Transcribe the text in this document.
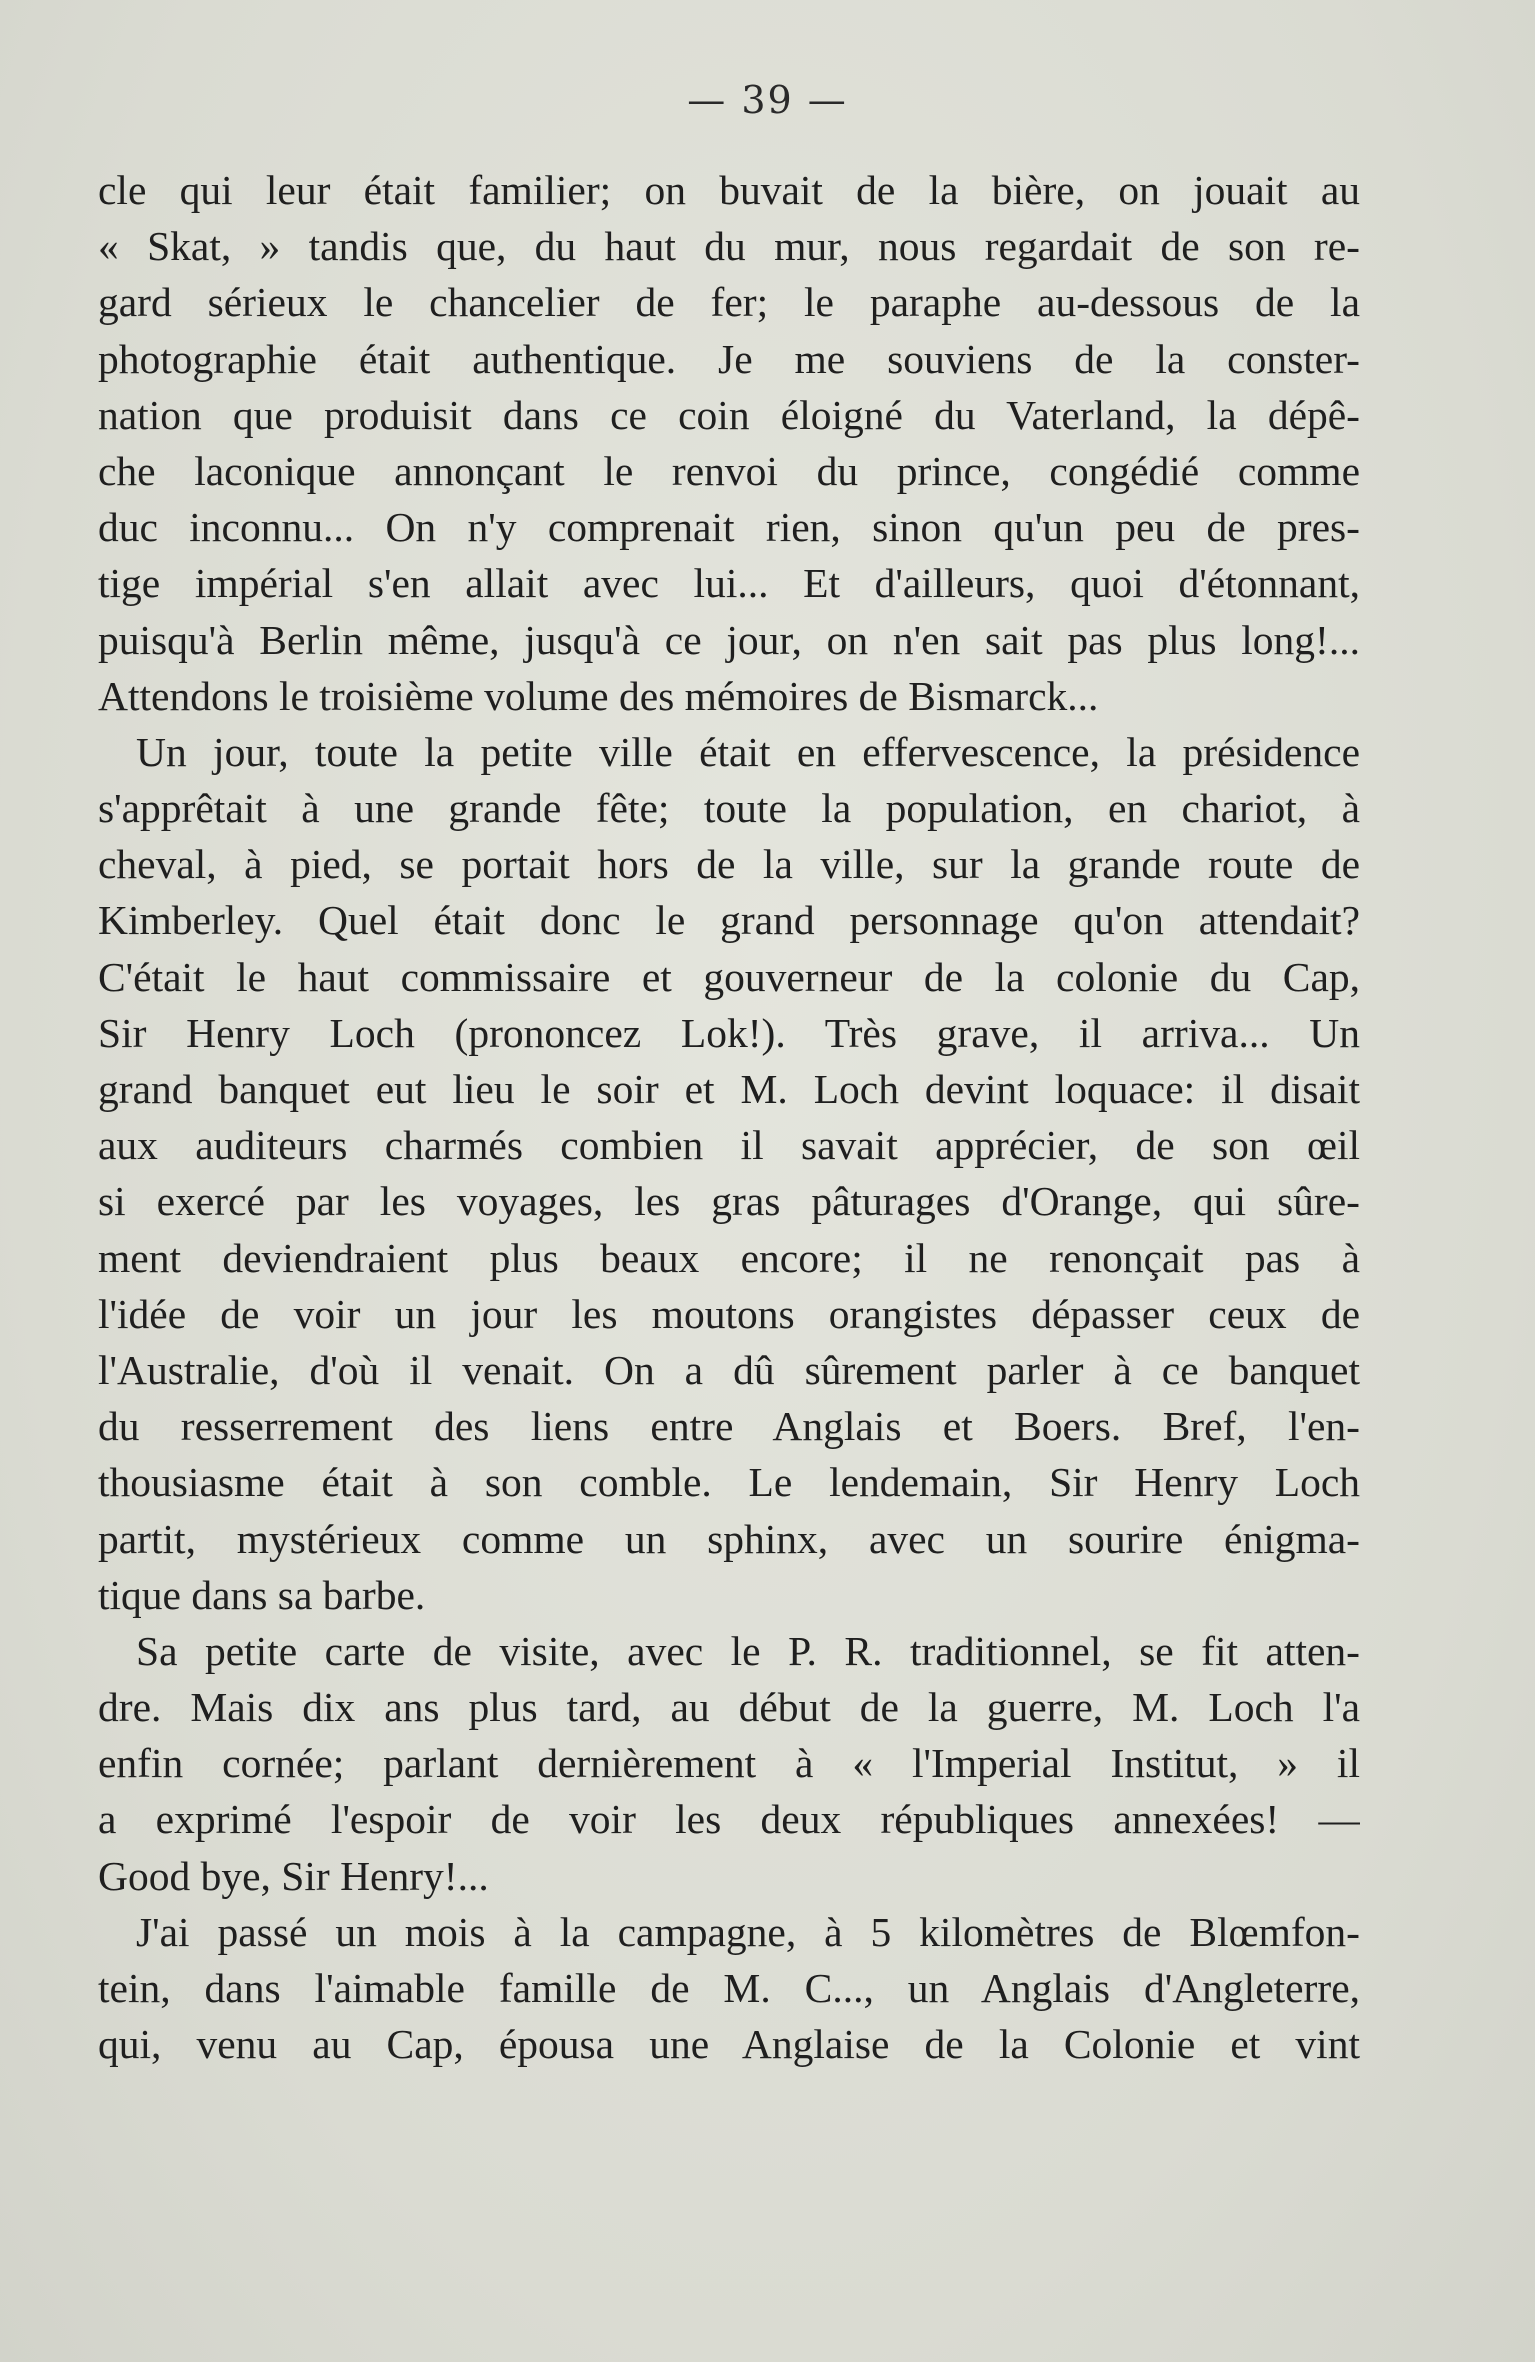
— 39 —
cle qui leur était familier; on buvait de la bière, on jouait au
« Skat, » tandis que, du haut du mur, nous regardait de son re-
gard sérieux le chancelier de fer; le paraphe au-dessous de la
photographie était authentique. Je me souviens de la conster-
nation que produisit dans ce coin éloigné du Vaterland, la dépê-
che laconique annonçant le renvoi du prince, congédié comme
duc inconnu... On n'y comprenait rien, sinon qu'un peu de pres-
tige impérial s'en allait avec lui... Et d'ailleurs, quoi d'étonnant,
puisqu'à Berlin même, jusqu'à ce jour, on n'en sait pas plus long!...
Attendons le troisième volume des mémoires de Bismarck...
Un jour, toute la petite ville était en effervescence, la présidence
s'apprêtait à une grande fête; toute la population, en chariot, à
cheval, à pied, se portait hors de la ville, sur la grande route de
Kimberley. Quel était donc le grand personnage qu'on attendait?
C'était le haut commissaire et gouverneur de la colonie du Cap,
Sir Henry Loch (prononcez Lok!). Très grave, il arriva... Un
grand banquet eut lieu le soir et M. Loch devint loquace: il disait
aux auditeurs charmés combien il savait apprécier, de son œil
si exercé par les voyages, les gras pâturages d'Orange, qui sûre-
ment deviendraient plus beaux encore; il ne renonçait pas à
l'idée de voir un jour les moutons orangistes dépasser ceux de
l'Australie, d'où il venait. On a dû sûrement parler à ce banquet
du resserrement des liens entre Anglais et Boers. Bref, l'en-
thousiasme était à son comble. Le lendemain, Sir Henry Loch
partit, mystérieux comme un sphinx, avec un sourire énigma-
tique dans sa barbe.
Sa petite carte de visite, avec le P. R. traditionnel, se fit atten-
dre. Mais dix ans plus tard, au début de la guerre, M. Loch l'a
enfin cornée; parlant dernièrement à « l'Imperial Institut, » il
a exprimé l'espoir de voir les deux républiques annexées! —
Good bye, Sir Henry!...
J'ai passé un mois à la campagne, à 5 kilomètres de Blœmfon-
tein, dans l'aimable famille de M. C..., un Anglais d'Angleterre,
qui, venu au Cap, épousa une Anglaise de la Colonie et vint
